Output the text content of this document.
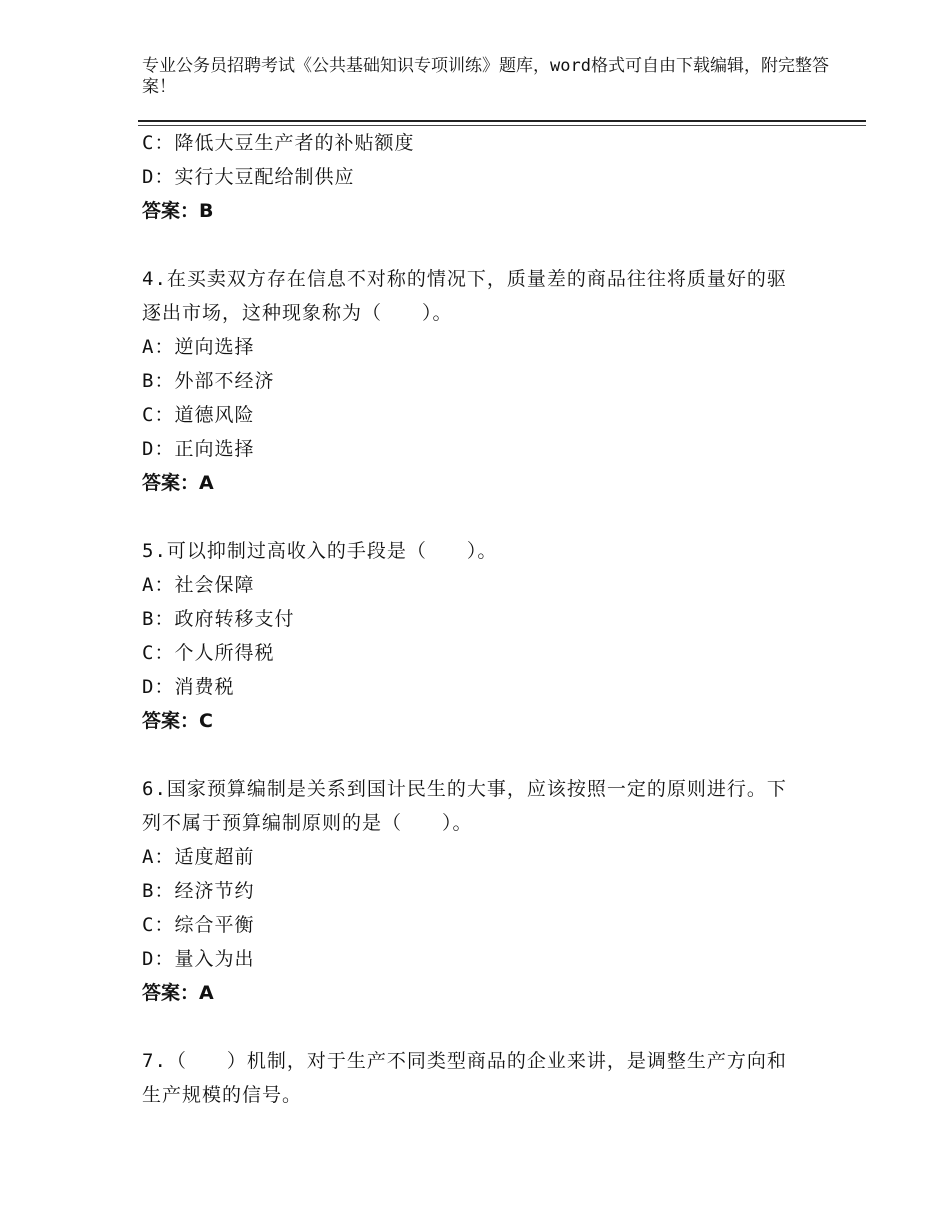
专业公务员招聘考试《公共基础知识专项训练》题库，word格式可自由下载编辑，附完整答案！
C：降低大豆生产者的补贴额度
D：实行大豆配给制供应
答案：B
4.在买卖双方存在信息不对称的情况下，质量差的商品往往将质量好的驱逐出市场，这种现象称为（　　）。
A：逆向选择
B：外部不经济
C：道德风险
D：正向选择
答案：A
5.可以抑制过高收入的手段是（　　）。
A：社会保障
B：政府转移支付
C：个人所得税
D：消费税
答案：C
6.国家预算编制是关系到国计民生的大事，应该按照一定的原则进行。下列不属于预算编制原则的是（　　）。
A：适度超前
B：经济节约
C：综合平衡
D：量入为出
答案：A
7.（　　）机制，对于生产不同类型商品的企业来讲，是调整生产方向和生产规模的信号。
